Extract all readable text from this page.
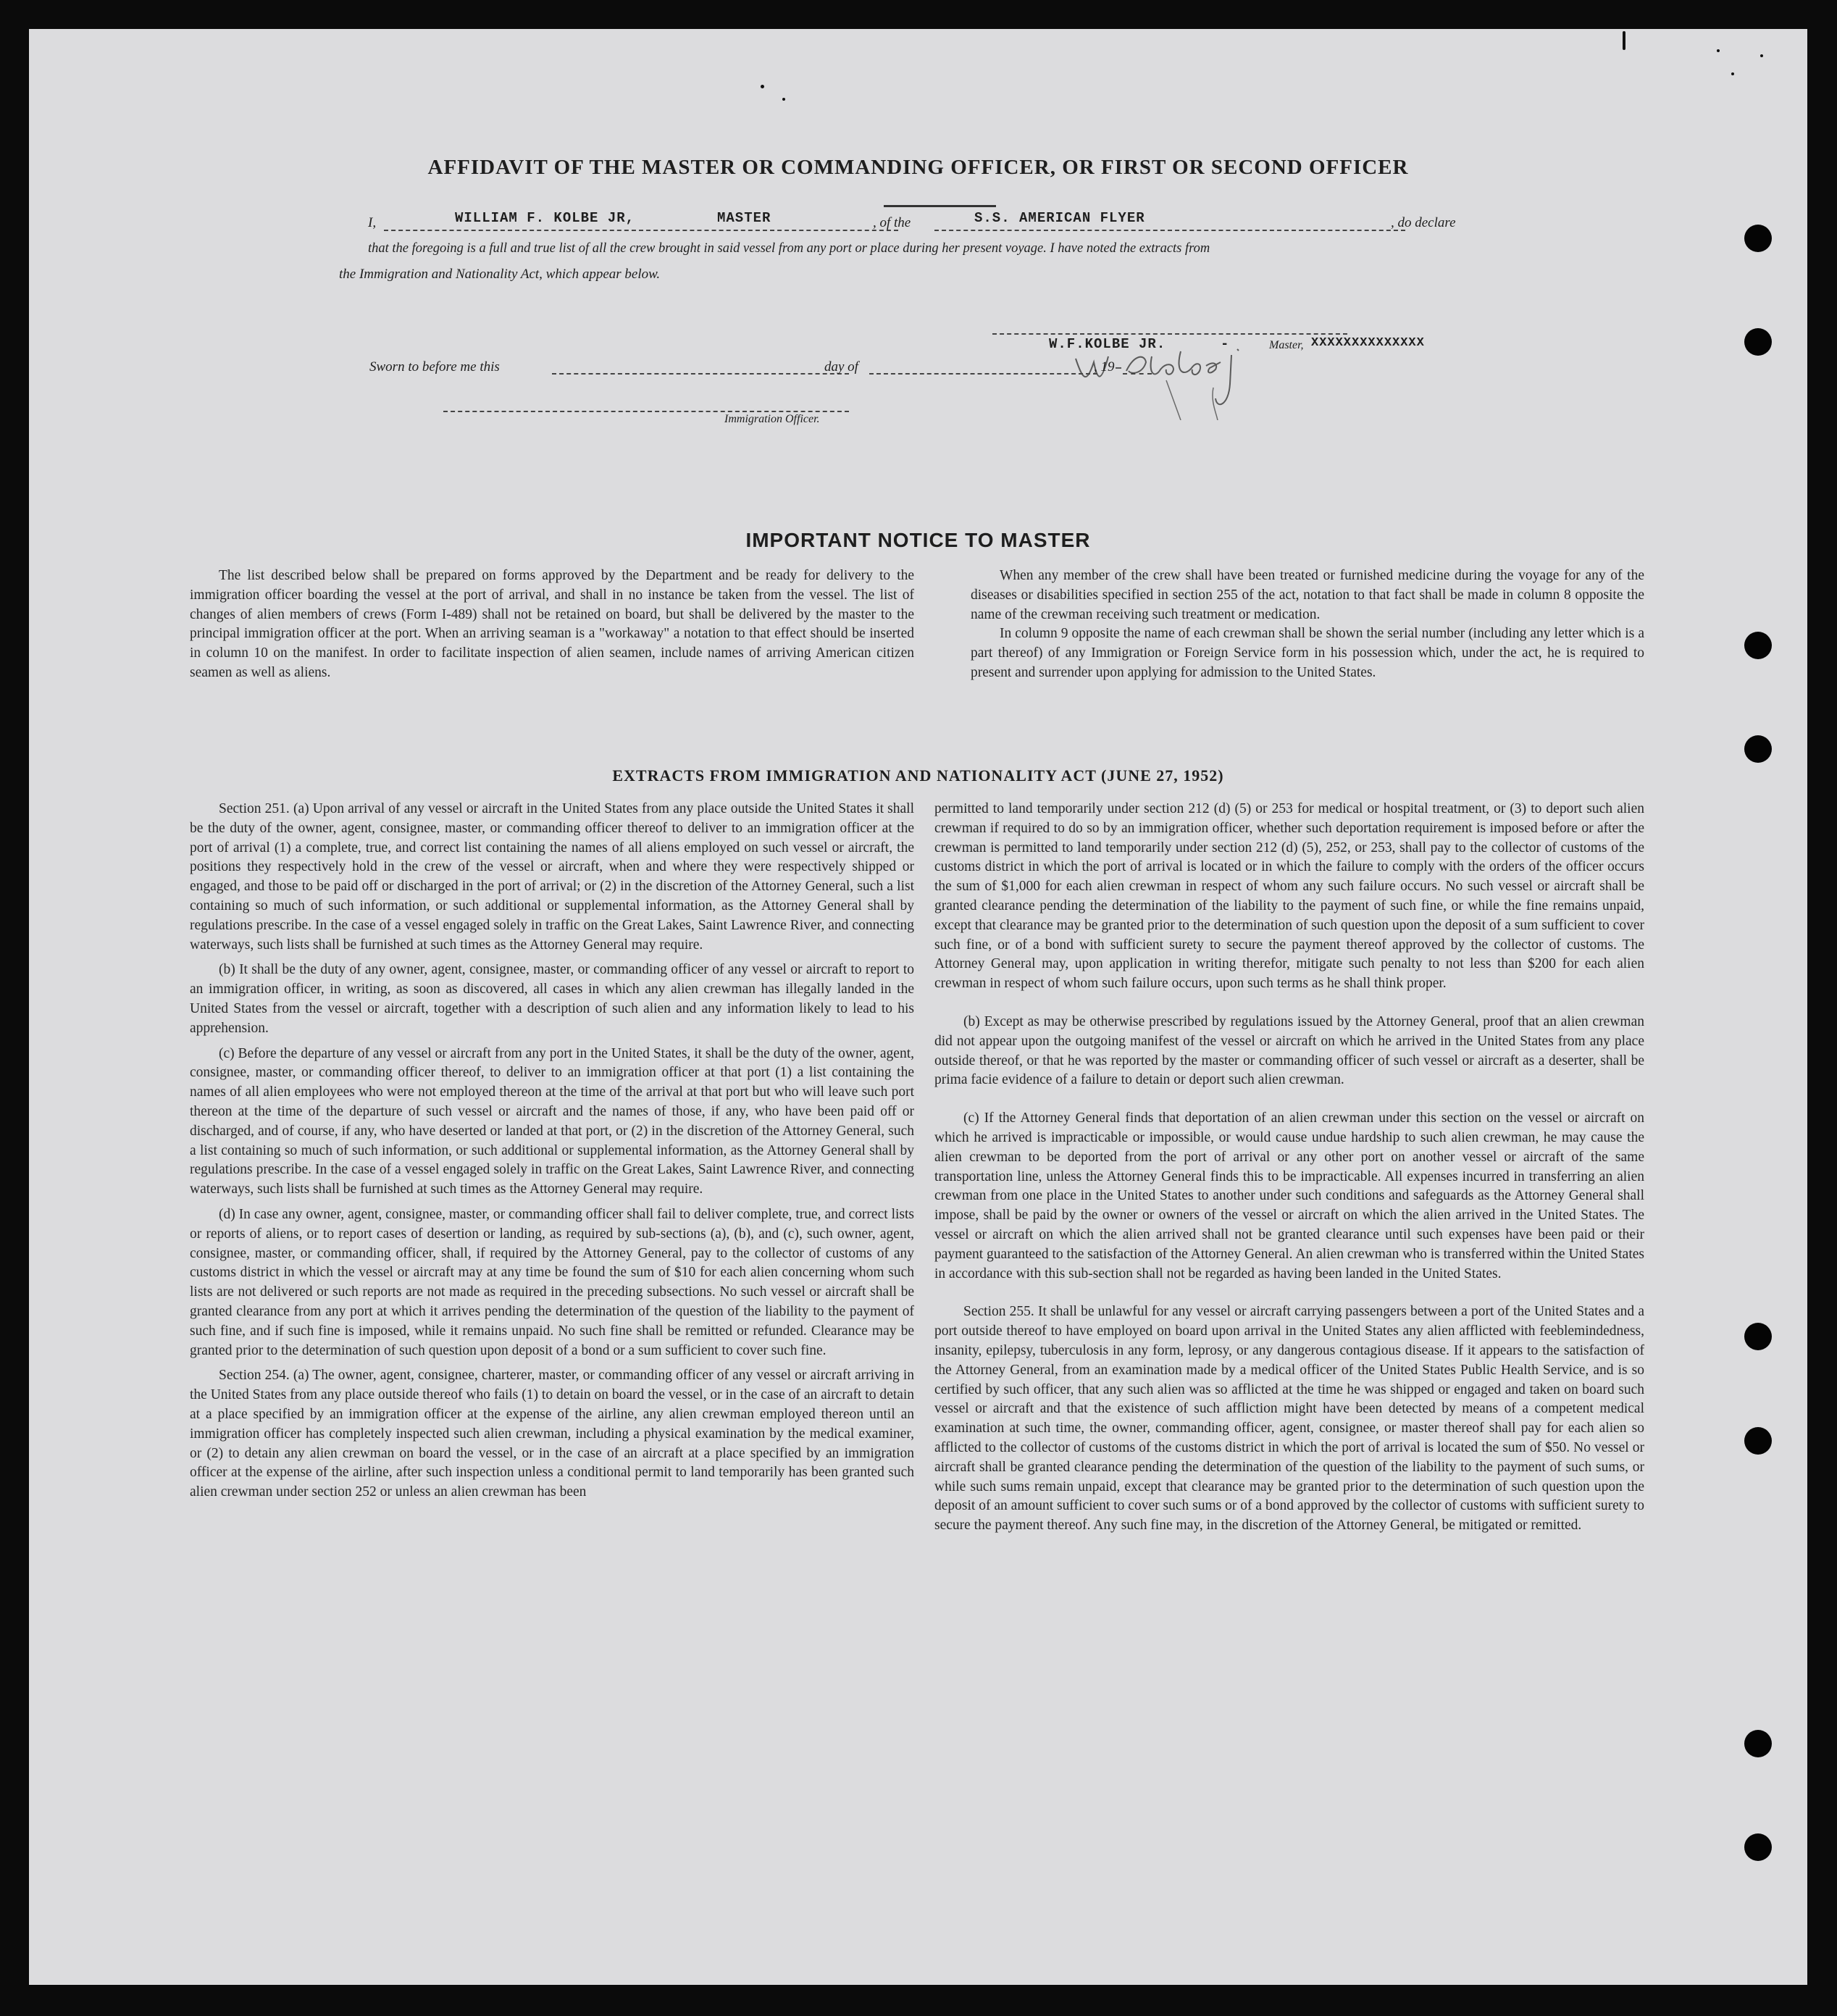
AFFIDAVIT OF THE MASTER OR COMMANDING OFFICER, OR FIRST OR SECOND OFFICER
I,	WILLIAM F. KOLBE JR,	MASTER	, of the	S.S. AMERICAN FLYER	, do declare
that the foregoing is a full and true list of all the crew brought in said vessel from any port or place during her present voyage. I have noted the extracts from
the Immigration and Nationality Act, which appear below.
W.F.KOLBE JR.	-	Master, XXXXXXXXXXXXXX
Sworn to before me this	day of	, 19
Immigration Officer.
IMPORTANT NOTICE TO MASTER

The list described below shall be prepared on forms approved by the Department and be ready for delivery to the immigration officer boarding the vessel at the port of arrival, and shall in no instance be taken from the vessel. The list of changes of alien members of crews (Form I-489) shall not be retained on board, but shall be delivered by the master to the principal immigration officer at the port. When an arriving seaman is a "workaway" a notation to that effect should be inserted in column 10 on the manifest. In order to facilitate inspection of alien seamen, include names of arriving American citizen seamen as well as aliens.

When any member of the crew shall have been treated or furnished medicine during the voyage for any of the diseases or disabilities specified in section 255 of the act, notation to that fact shall be made in column 8 opposite the name of the crewman receiving such treatment or medication.

In column 9 opposite the name of each crewman shall be shown the serial number (including any letter which is a part thereof) of any Immigration or Foreign Service form in his possession which, under the act, he is required to present and surrender upon applying for admission to the United States.

EXTRACTS FROM IMMIGRATION AND NATIONALITY ACT (JUNE 27, 1952)

Section 251. (a) Upon arrival of any vessel or aircraft in the United States from any place outside the United States it shall be the duty of the owner, agent, consignee, master, or commanding officer thereof to deliver to an immigration officer at the port of arrival (1) a complete, true, and correct list containing the names of all aliens employed on such vessel or aircraft, the positions they respectively hold in the crew of the vessel or aircraft, when and where they were respectively shipped or engaged, and those to be paid off or discharged in the port of arrival; or (2) in the discretion of the Attorney General, such a list containing so much of such information, or such additional or supplemental information, as the Attorney General shall by regulations prescribe. In the case of a vessel engaged solely in traffic on the Great Lakes, Saint Lawrence River, and connecting waterways, such lists shall be furnished at such times as the Attorney General may require.

(b) It shall be the duty of any owner, agent, consignee, master, or commanding officer of any vessel or aircraft to report to an immigration officer, in writing, as soon as discovered, all cases in which any alien crewman has illegally landed in the United States from the vessel or aircraft, together with a description of such alien and any information likely to lead to his apprehension.

(c) Before the departure of any vessel or aircraft from any port in the United States, it shall be the duty of the owner, agent, consignee, master, or commanding officer thereof, to deliver to an immigration officer at that port (1) a list containing the names of all alien employees who were not employed thereon at the time of the arrival at that port but who will leave such port thereon at the time of the departure of such vessel or aircraft and the names of those, if any, who have been paid off or discharged, and of course, if any, who have deserted or landed at that port, or (2) in the discretion of the Attorney General, such a list containing so much of such information, or such additional or supplemental information, as the Attorney General shall by regulations prescribe. In the case of a vessel engaged solely in traffic on the Great Lakes, Saint Lawrence River, and connecting waterways, such lists shall be furnished at such times as the Attorney General may require.

(d) In case any owner, agent, consignee, master, or commanding officer shall fail to deliver complete, true, and correct lists or reports of aliens, or to report cases of desertion or landing, as required by sub-sections (a), (b), and (c), such owner, agent, consignee, master, or commanding officer, shall, if required by the Attorney General, pay to the collector of customs of any customs district in which the vessel or aircraft may at any time be found the sum of $10 for each alien concerning whom such lists are not delivered or such reports are not made as required in the preceding subsections. No such vessel or aircraft shall be granted clearance from any port at which it arrives pending the determination of the question of the liability to the payment of such fine, and if such fine is imposed, while it remains unpaid. No such fine shall be remitted or refunded. Clearance may be granted prior to the determination of such question upon deposit of a bond or a sum sufficient to cover such fine.

Section 254. (a) The owner, agent, consignee, charterer, master, or commanding officer of any vessel or aircraft arriving in the United States from any place outside thereof who fails (1) to detain on board the vessel, or in the case of an aircraft to detain at a place specified by an immigration officer at the expense of the airline, any alien crewman employed thereon until an immigration officer has completely inspected such alien crewman, including a physical examination by the medical examiner, or (2) to detain any alien crewman on board the vessel, or in the case of an aircraft at a place specified by an immigration officer at the expense of the airline, after such inspection unless a conditional permit to land temporarily has been granted such alien crewman under section 252 or unless an alien crewman has been

permitted to land temporarily under section 212 (d) (5) or 253 for medical or hospital treatment, or (3) to deport such alien crewman if required to do so by an immigration officer, whether such deportation requirement is imposed before or after the crewman is permitted to land temporarily under section 212 (d) (5), 252, or 253, shall pay to the collector of customs of the customs district in which the port of arrival is located or in which the failure to comply with the orders of the officer occurs the sum of $1,000 for each alien crewman in respect of whom any such failure occurs. No such vessel or aircraft shall be granted clearance pending the determination of the liability to the payment of such fine, or while the fine remains unpaid, except that clearance may be granted prior to the determination of such question upon the deposit of a sum sufficient to cover such fine, or of a bond with sufficient surety to secure the payment thereof approved by the collector of customs. The Attorney General may, upon application in writing therefor, mitigate such penalty to not less than $200 for each alien crewman in respect of whom such failure occurs, upon such terms as he shall think proper.

(b) Except as may be otherwise prescribed by regulations issued by the Attorney General, proof that an alien crewman did not appear upon the outgoing manifest of the vessel or aircraft on which he arrived in the United States from any place outside thereof, or that he was reported by the master or commanding officer of such vessel or aircraft as a deserter, shall be prima facie evidence of a failure to detain or deport such alien crewman.

(c) If the Attorney General finds that deportation of an alien crewman under this section on the vessel or aircraft on which he arrived is impracticable or impossible, or would cause undue hardship to such alien crewman, he may cause the alien crewman to be deported from the port of arrival or any other port on another vessel or aircraft of the same transportation line, unless the Attorney General finds this to be impracticable. All expenses incurred in transferring an alien crewman from one place in the United States to another under such conditions and safeguards as the Attorney General shall impose, shall be paid by the owner or owners of the vessel or aircraft on which the alien arrived in the United States. The vessel or aircraft on which the alien arrived shall not be granted clearance until such expenses have been paid or their payment guaranteed to the satisfaction of the Attorney General. An alien crewman who is transferred within the United States in accordance with this sub-section shall not be regarded as having been landed in the United States.

Section 255. It shall be unlawful for any vessel or aircraft carrying passengers between a port of the United States and a port outside thereof to have employed on board upon arrival in the United States any alien afflicted with feeblemindedness, insanity, epilepsy, tuberculosis in any form, leprosy, or any dangerous contagious disease. If it appears to the satisfaction of the Attorney General, from an examination made by a medical officer of the United States Public Health Service, and is so certified by such officer, that any such alien was so afflicted at the time he was shipped or engaged and taken on board such vessel or aircraft and that the existence of such affliction might have been detected by means of a competent medical examination at such time, the owner, commanding officer, agent, consignee, or master thereof shall pay for each alien so afflicted to the collector of customs of the customs district in which the port of arrival is located the sum of $50. No vessel or aircraft shall be granted clearance pending the determination of the question of the liability to the payment of such sums, or while such sums remain unpaid, except that clearance may be granted prior to the determination of such question upon the deposit of an amount sufficient to cover such sums or of a bond approved by the collector of customs with sufficient surety to secure the payment thereof. Any such fine may, in the discretion of the Attorney General, be mitigated or remitted.
